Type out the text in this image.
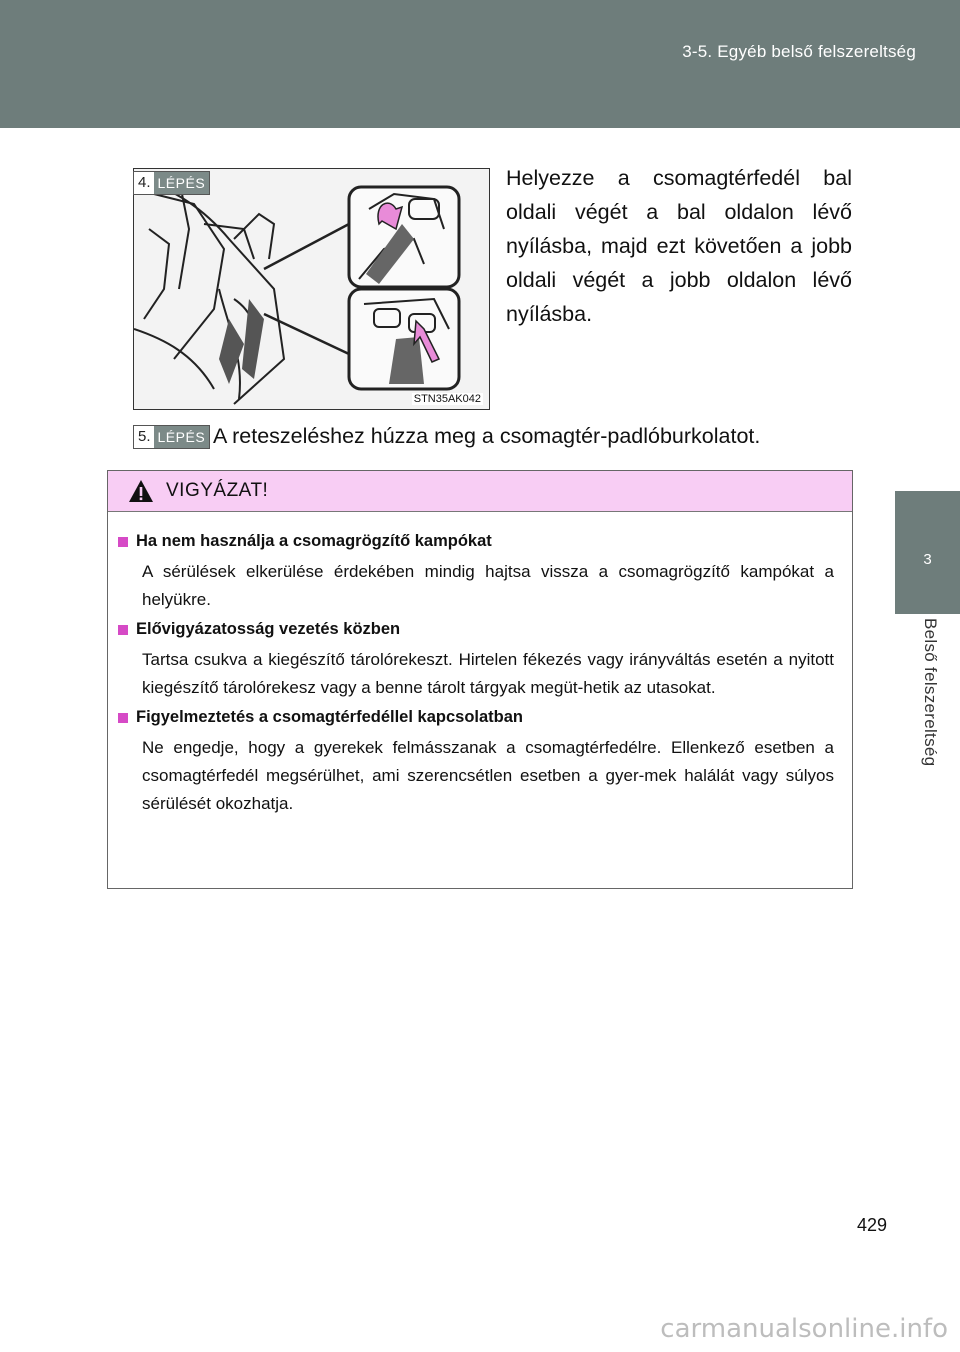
3-5. Egyéb belső felszereltség
3
Belső felszereltség
STN35AK042
4. LÉPÉS	Helyezze a csomagtérfedél bal oldali végét a bal oldalon lévő nyílásba, majd ezt követően a jobb oldali végét a jobb oldalon lévő nyílásba.
5. LÉPÉS A reteszeléshez húzza meg a csomagtér-padlóburkolatot.
VIGYÁZAT!
Ha nem használja a csomagrögzítő kampókat
A sérülések elkerülése érdekében mindig hajtsa vissza a csomagrögzítő kampókat a helyükre.
Elővigyázatosság vezetés közben
Tartsa csukva a kiegészítő tárolórekeszt. Hirtelen fékezés vagy irányváltás esetén a nyitott kiegészítő tárolórekesz vagy a benne tárolt tárgyak megüt-hetik az utasokat.
Figyelmeztetés a csomagtérfedéllel kapcsolatban
Ne engedje, hogy a gyerekek felmásszanak a csomagtérfedélre. Ellenkező esetben a csomagtérfedél megsérülhet, ami szerencsétlen esetben a gyer-mek halálát vagy súlyos sérülését okozhatja.
429
carmanualsonline.info
